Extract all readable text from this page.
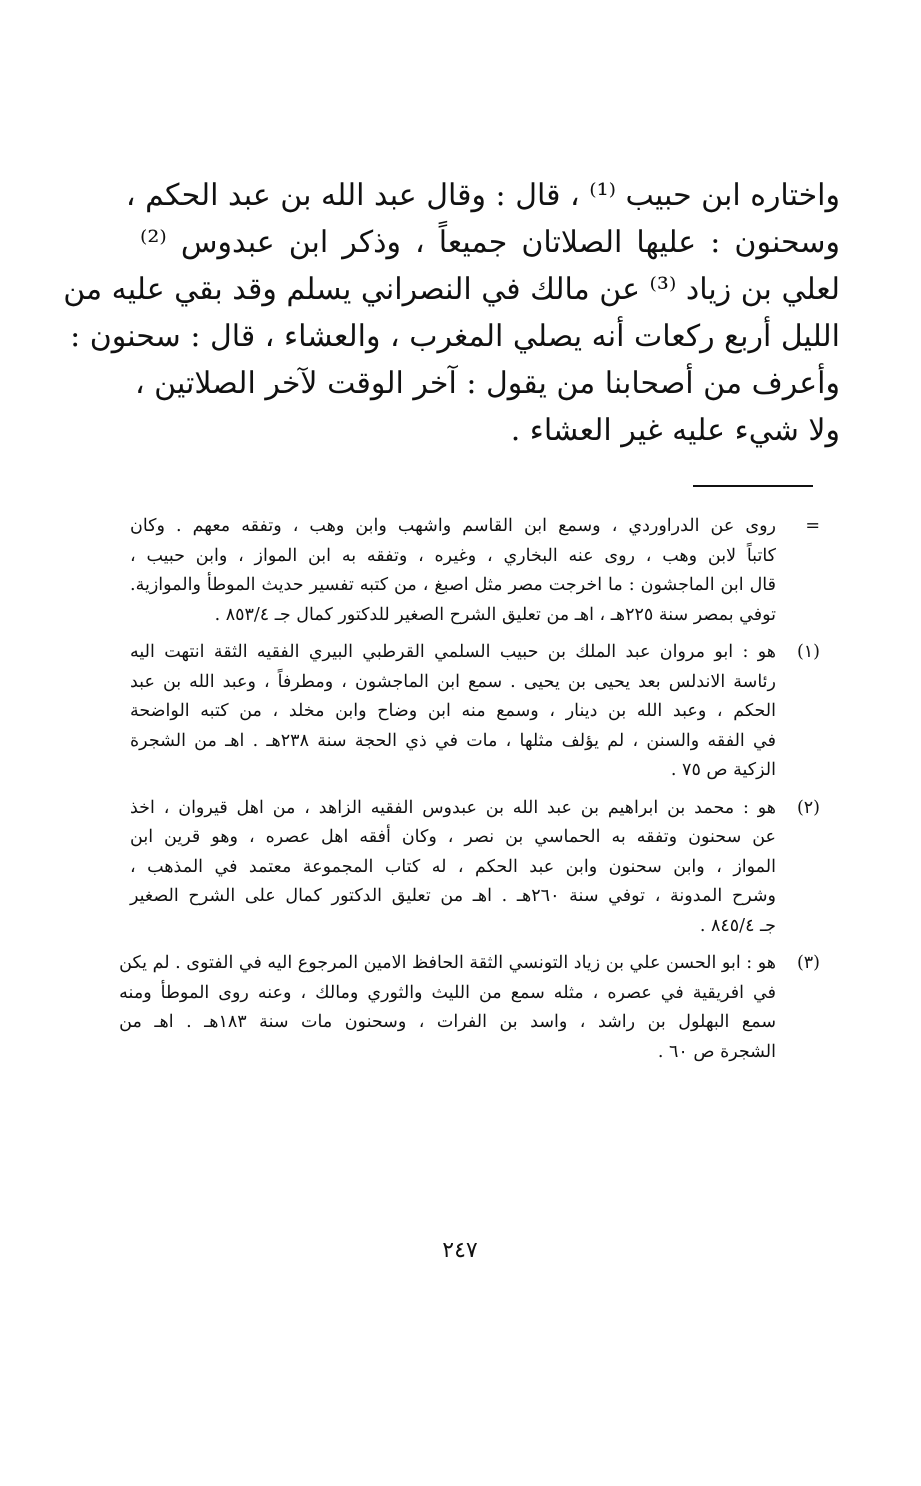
واختاره ابن حبيب ⁽¹⁾ ، قال : وقال عبد الله بن عبد الحكم ،
وسحنون : عليها الصلاتان جميعاً ، وذكر ابن عبدوس ⁽²⁾
لعلي بن زياد ⁽³⁾ عن مالك في النصراني يسلم وقد بقي عليه من
الليل أربع ركعات أنه يصلي المغرب ، والعشاء ، قال : سحنون :
وأعرف من أصحابنا من يقول : آخر الوقت لآخر الصلاتين ،
ولا شيء عليه غير العشاء .
=
روى عن الدراوردي ، وسمع ابن القاسم واشهب وابن وهب ، وتفقه معهم . وكان
كاتباً لابن وهب ، روى عنه البخاري ، وغيره ، وتفقه به ابن المواز ، وابن حبيب ،
قال ابن الماجشون : ما اخرجت مصر مثل اصبغ ، من كتبه تفسير حديث الموطأ والموازية.
توفي بمصر سنة ٢٢٥هـ ، اهـ من تعليق الشرح الصغير للدكتور كمال جـ ٨٥٣/٤ .
(١)
هو : ابو مروان عبد الملك بن حبيب السلمي القرطبي البيري الفقيه الثقة انتهت اليه
رئاسة الاندلس بعد يحيى بن يحيى . سمع ابن الماجشون ، ومطرفاً ، وعبد الله بن عبد
الحكم ، وعبد الله بن دينار ، وسمع منه ابن وضاح وابن مخلد ، من كتبه الواضحة
في الفقه والسنن ، لم يؤلف مثلها ، مات في ذي الحجة سنة ٢٣٨هـ . اهـ من الشجرة
الزكية ص ٧٥ .
(٢)
هو : محمد بن ابراهيم بن عبد الله بن عبدوس الفقيه الزاهد ، من اهل قيروان ، اخذ
عن سحنون وتفقه به الحماسي بن نصر ، وكان أفقه اهل عصره ، وهو قرين ابن
المواز ، وابن سحنون وابن عبد الحكم ، له كتاب المجموعة معتمد في المذهب ،
وشرح المدونة ، توفي سنة ٢٦٠هـ . اهـ من تعليق الدكتور كمال على الشرح الصغير
جـ ٨٤٥/٤ .
(٣)
هو : ابو الحسن علي بن زياد التونسي الثقة الحافظ الامين المرجوع اليه في الفتوى . لم يكن
في افريقية في عصره ، مثله سمع من الليث والثوري ومالك ، وعنه روى الموطأ ومنه
سمع البهلول بن راشد ، واسد بن الفرات ، وسحنون مات سنة ١٨٣هـ . اهـ من
الشجرة ص ٦٠ .
٢٤٧
